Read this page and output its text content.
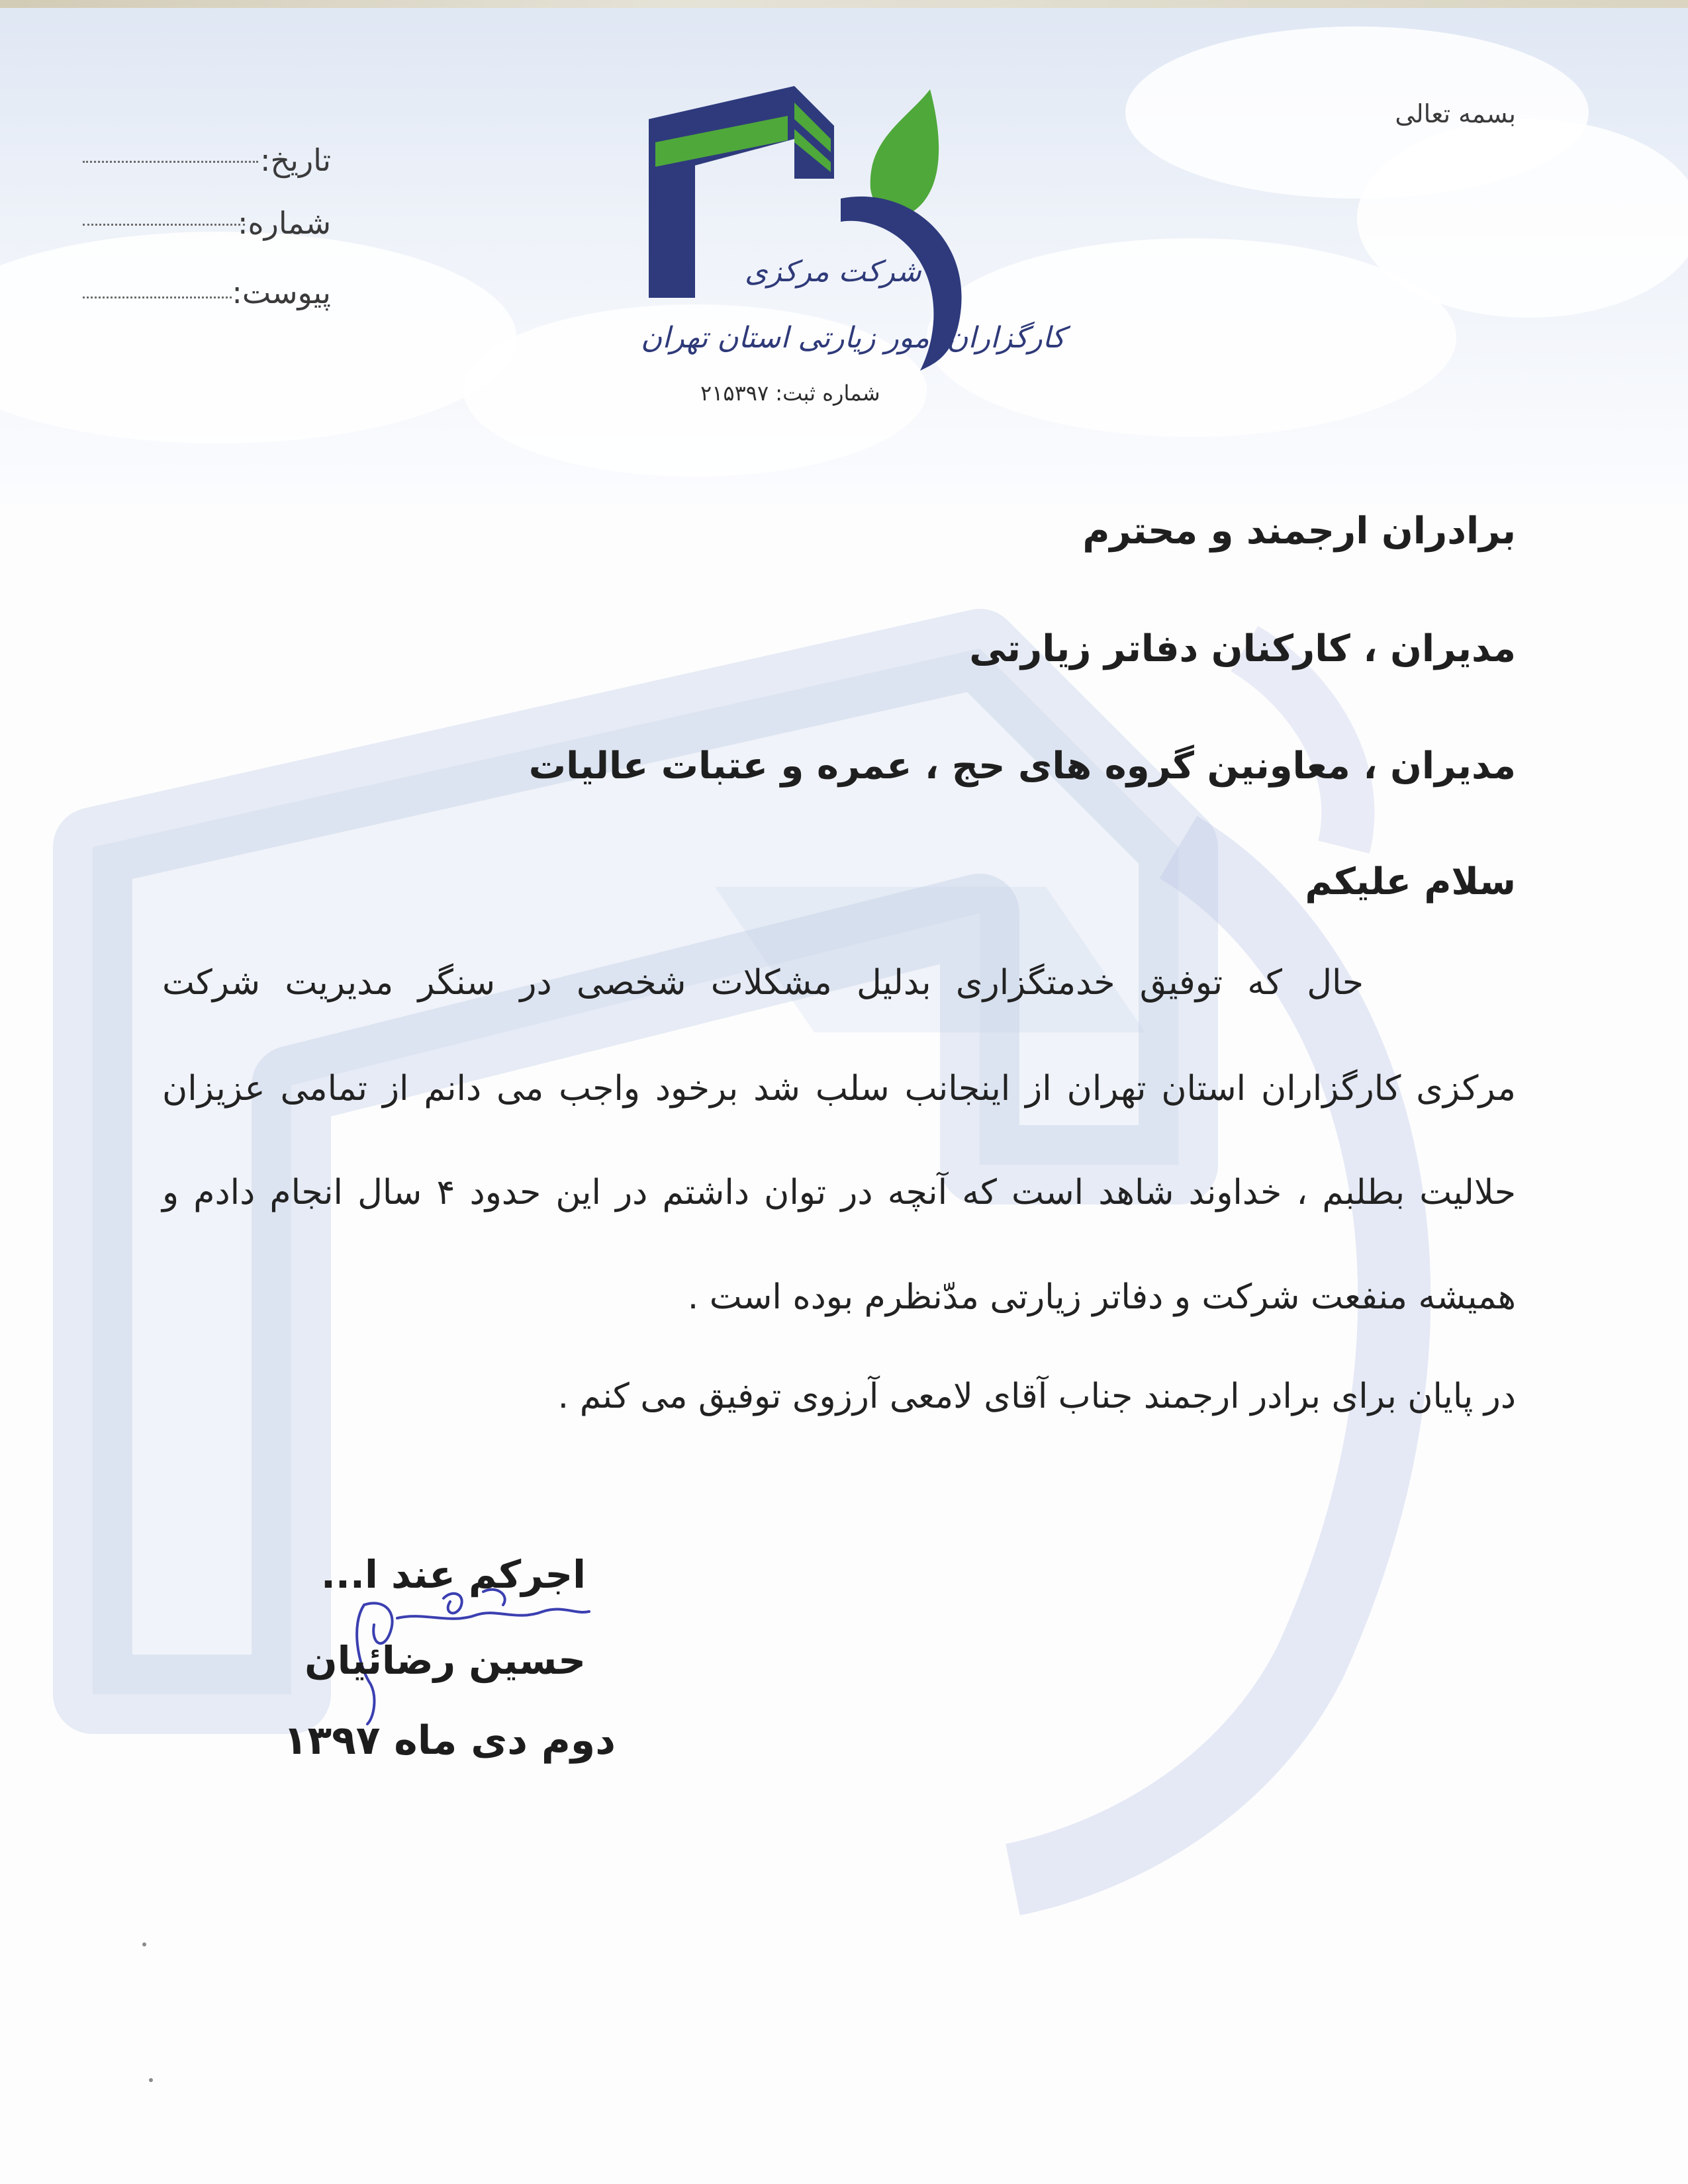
بسمه تعالی
تاریخ:
شماره:
پیوست:
شرکت مرکزی
کارگزاران امور زیارتی استان تهران
شماره ثبت: ۲۱۵۳۹۷
برادران ارجمند و محترم
مدیران ، کارکنان دفاتر زیارتی
مدیران ، معاونین گروه های حج ، عمره و عتبات عالیات
سلام علیکم
حال که توفیق خدمتگزاری بدلیل مشکلات شخصی در سنگر مدیریت شرکت
مرکزی کارگزاران استان تهران از اینجانب سلب شد برخود واجب می دانم از تمامی عزیزان
حلالیت بطلبم ، خداوند شاهد است که آنچه در توان داشتم در این حدود ۴ سال انجام دادم و
همیشه منفعت شرکت و دفاتر زیارتی مدّنظرم بوده است .
در پایان برای برادر ارجمند جناب آقای لامعی آرزوی توفیق می کنم .
اجرکم عند ا...
حسین رضائیان
دوم دی ماه ۱۳۹۷
